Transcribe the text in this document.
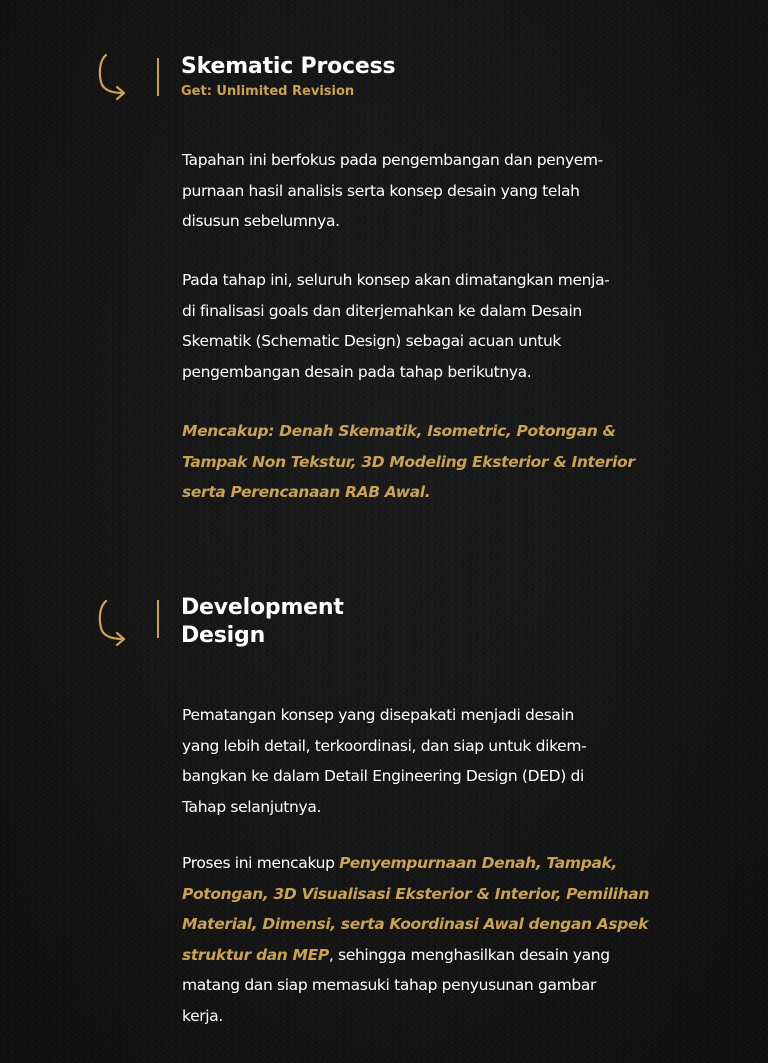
Skematic Process

Get: Unlimited Revision

Tapahan ini berfokus pada pengembangan dan penyem-
purnaan hasil analisis serta konsep desain yang telah
disusun sebelumnya.

Pada tahap ini, seluruh konsep akan dimatangkan menja-
di finalisasi goals dan diterjemahkan ke dalam Desain
Skematik (Schematic Design) sebagai acuan untuk
pengembangan desain pada tahap berikutnya.

Mencakup: Denah Skematik, Isometric, Potongan &
Tampak Non Tekstur, 3D Modeling Eksterior & Interior
serta Perencanaan RAB Awal.

Development
Design

Pematangan konsep yang disepakati menjadi desain
yang lebih detail, terkoordinasi, dan siap untuk dikem-
bangkan ke dalam Detail Engineering Design (DED) di
Tahap selanjutnya.

Proses ini mencakup Penyempurnaan Denah, Tampak,
Potongan, 3D Visualisasi Eksterior & Interior, Pemilihan
Material, Dimensi, serta Koordinasi Awal dengan Aspek
struktur dan MEP, sehingga menghasilkan desain yang
matang dan siap memasuki tahap penyusunan gambar
kerja.
